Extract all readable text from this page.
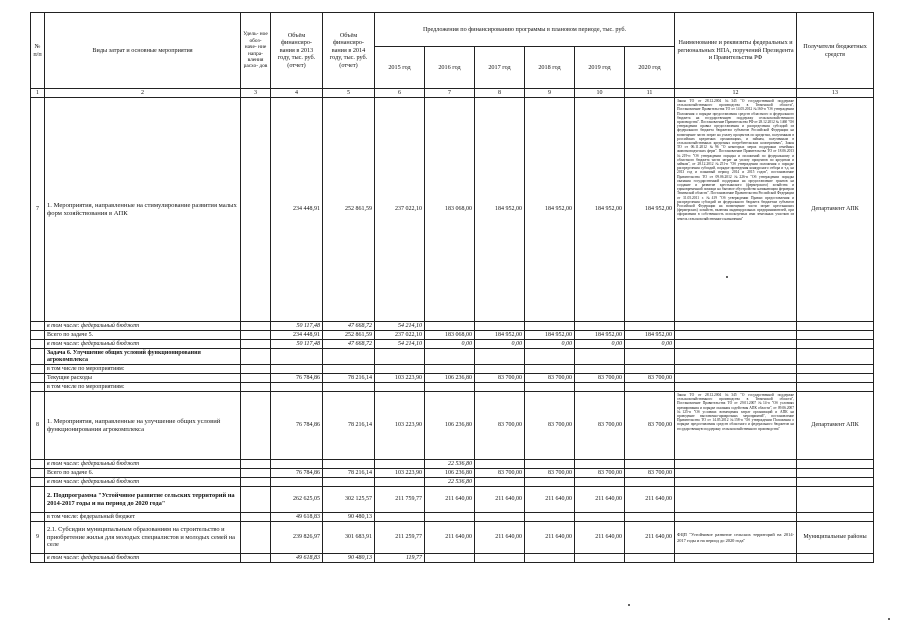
№ п/п	Виды затрат и основные мероприятия	Удель- ное обоз- наче- ние напра- вления расхо- дов	Объём финансиро- вания в 2013 году, тыс. руб. (отчет)	Объём финансиро- вания в 2014 году, тыс. руб. (отчет)	Предложения по финансированию программы в плановом периоде, тыс. руб.						Наименование и реквизиты федеральных и региональных НПА, поручений Президента и Правительства РФ	Получатели бюджетных средств
					2015 год	2016 год	2017 год	2018 год	2019 год	2020 год		
1	2	3	4	5	6	7	8	9	10	11	12	13
7	1. Мероприятия, направленные на стимулирование развития малых форм хозяйствования в АПК		234 448,91	252 861,59	237 022,10	183 068,00	184 952,00	184 952,00	184 952,00	184 952,00	Закон ТО от 28.12.2004 №345 "О государственной поддержке сельскохозяйственного производства в Тюменской области", Постановление Правительства ТО от 14.05.2012 №160-п "Об утверждении Положения о порядке предоставления средств областного и федерального бюджета на государственную поддержку сельскохозяйственного производства". Постановление Правительства РФ от 28.12.2012 № 1460 "Об утверждении правил предоставления и распределения субсидий из федерального бюджета бюджетам субъектов Российской Федерации на возмещение части затрат на уплату процентов по кредитам, полученным в российских кредитных организациях, и займам, полученным в сельскохозяйственных кредитных потребительских кооперативах", Закон ТО от 06.11.2012 №96 "О некоторых мерах поддержки семейных животноводческих ферм". Постановление Правительства ТО от 18.06.2013 №219-п "Об утверждении порядка и положений по федеральному и областного бюджета части затрат на уплату процентов по кредитам и займам", от 28.12.2012 №251-п "Об утверждении положения о порядке распределения субсидий, порядке проведения конкурсного отбора и т.д. на 2013 год и плановый период 2014 и 2015 годов", постановление Правительства ТО от 09.06.2012 №226-п "Об утверждении порядка оказания государственной поддержки на предоставление грантов на создание и развитие крестьянского (фермерского) хозяйства и единовременной помощи на бытовое обустройство начинающим фермерам Тюменской области". Постановление Правительства Российской Федерации от 31.05.2011 г. №419 "Об утверждении Правил предоставления и распределения субсидий из федерального бюджета бюджетам субъектов Российской Федерации на возмещение части затрат крестьянских (фермерских) хозяйств, включая индивидуальных предпринимателей, при оформлении в собственность используемых ими земельных участков из земель сельскохозяйственного назначения"	Департамент АПК
	в том числе: федеральный бюджет		50 117,48	47 668,72	54 214,10							
	Всего по задаче 5.		234 448,91	252 861,59	237 022,10	183 068,00	184 952,00	184 952,00	184 952,00	184 952,00		
	в том числе: федеральный бюджет		50 117,48	47 668,72	54 214,10	0,00	0,00	0,00	0,00	0,00		
	Задача 6. Улучшение общих условий функционирования агрокомплекса											
	в том числе по мероприятиям:											
	Текущие расходы		76 784,86	78 216,14	103 223,90	106 236,80	83 700,00	83 700,00	83 700,00	83 700,00		
	в том числе по мероприятиям:											
8	1. Мероприятия, направленные на улучшение общих условий функционирования агрокомплекса		76 784,86	78 216,14	103 223,90	106 236,80	83 700,00	83 700,00	83 700,00	83 700,00	Закон ТО от 28.12.2004 №345 "О государственной поддержке сельскохозяйственного производства в Тюменской области", Постановление Правительства ТО от 29.01.2007 №14-п "Об условиях премирования и порядке оказания содействия АПК области", от 09.06.2007 №125-п "Об условиях возмещения затрат организаций и АПК на проведение выставочно-ярмарочных мероприятий", постановление Правительства ТО от 14.05.2012 №158-п "Об утверждении Положения о порядке предоставления средств областного и федерального бюджетов на государственную поддержку сельскохозяйственного производства"	Департамент АПК
	в том числе: федеральный бюджет					22 536,80						
	Всего по задаче 6.		76 784,86	78 216,14	103 223,90	106 236,80	83 700,00	83 700,00	83 700,00	83 700,00		
	в том числе: федеральный бюджет					22 536,80						
	2. Подпрограмма "Устойчивое развитие сельских территорий на 2014-2017 годы и на период до 2020 года"		262 625,05	302 125,57	211 759,77	211 640,00	211 640,00	211 640,00	211 640,00	211 640,00		
	в том числе: федеральный бюджет		49 618,83	90 480,13								
9	2.1. Субсидии муниципальным образованиям на строительство и приобретение жилья для молодых специалистов и молодых семей на селе		239 826,97	301 683,91	211 259,77	211 640,00	211 640,00	211 640,00	211 640,00	211 640,00	ФЦП "Устойчивое развитие сельских территорий на 2014-2017 годы и на период до 2020 года"	Муниципальные районы
	в том числе: федеральный бюджет		49 618,83	90 480,13	119,77							
